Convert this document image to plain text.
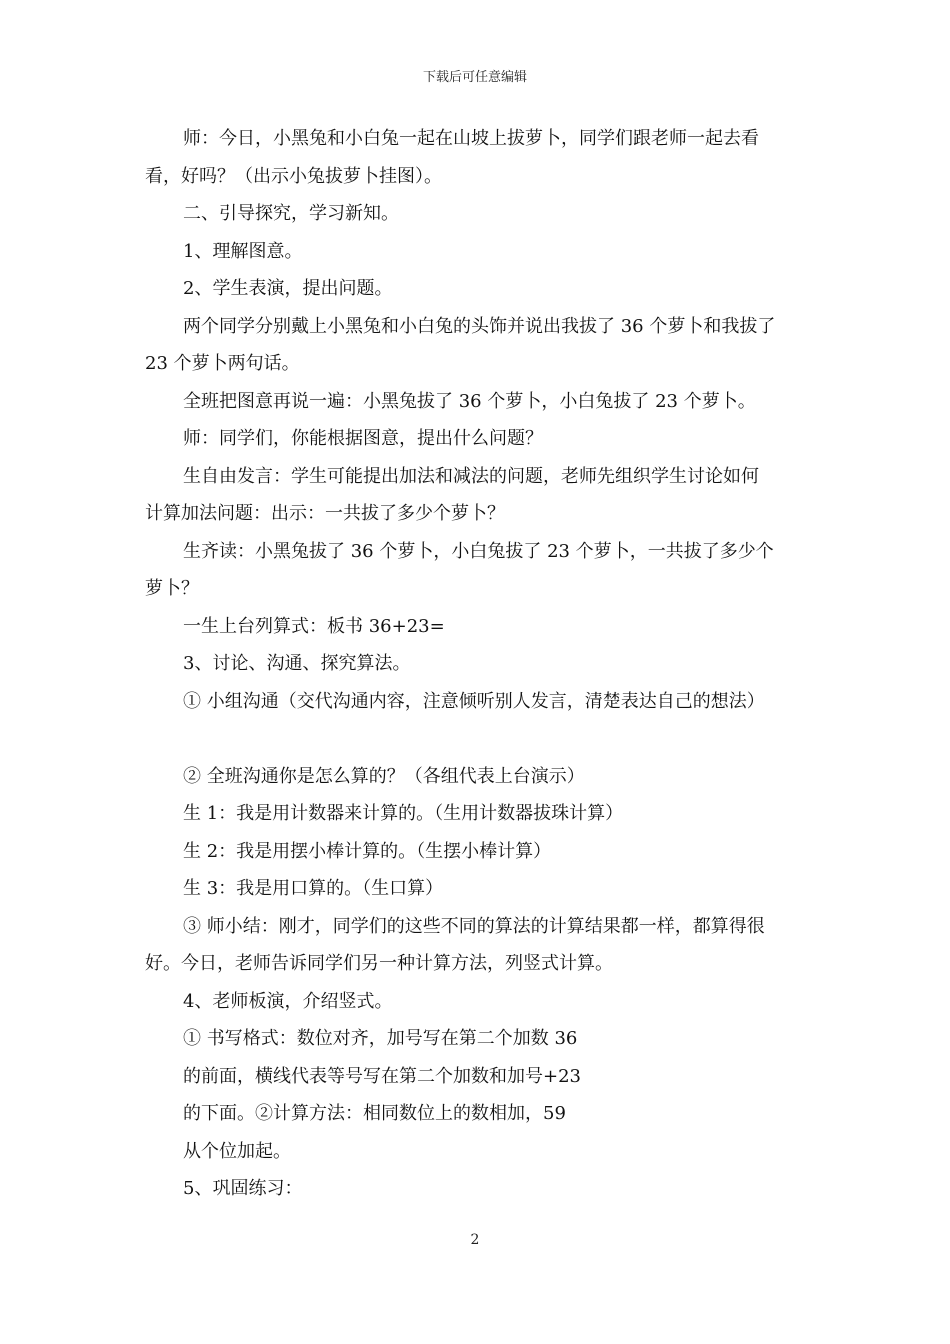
下载后可任意编辑
师：今日，小黑兔和小白兔一起在山坡上拔萝卜，同学们跟老师一起去看
看，好吗？（出示小兔拔萝卜挂图）。
二、引导探究，学习新知。
1、理解图意。
2、学生表演，提出问题。
两个同学分别戴上小黑兔和小白兔的头饰并说出我拔了 36 个萝卜和我拔了
23 个萝卜两句话。
全班把图意再说一遍：小黑兔拔了 36 个萝卜，小白兔拔了 23 个萝卜。
师：同学们，你能根据图意，提出什么问题？
生自由发言：学生可能提出加法和减法的问题，老师先组织学生讨论如何
计算加法问题：出示：一共拔了多少个萝卜？
生齐读：小黑兔拔了 36 个萝卜，小白兔拔了 23 个萝卜，一共拔了多少个
萝卜？
一生上台列算式：板书 36+23=
3、讨论、沟通、探究算法。
① 小组沟通（交代沟通内容，注意倾听别人发言，清楚表达自己的想法）
② 全班沟通你是怎么算的？（各组代表上台演示）
生 1：我是用计数器来计算的。（生用计数器拔珠计算）
生 2：我是用摆小棒计算的。（生摆小棒计算）
生 3：我是用口算的。（生口算）
③ 师小结：刚才，同学们的这些不同的算法的计算结果都一样，都算得很
好。今日，老师告诉同学们另一种计算方法，列竖式计算。
4、老师板演，介绍竖式。
① 书写格式：数位对齐，加号写在第二个加数 36
的前面，横线代表等号写在第二个加数和加号+23
的下面。②计算方法：相同数位上的数相加，59
从个位加起。
5、巩固练习：
2
